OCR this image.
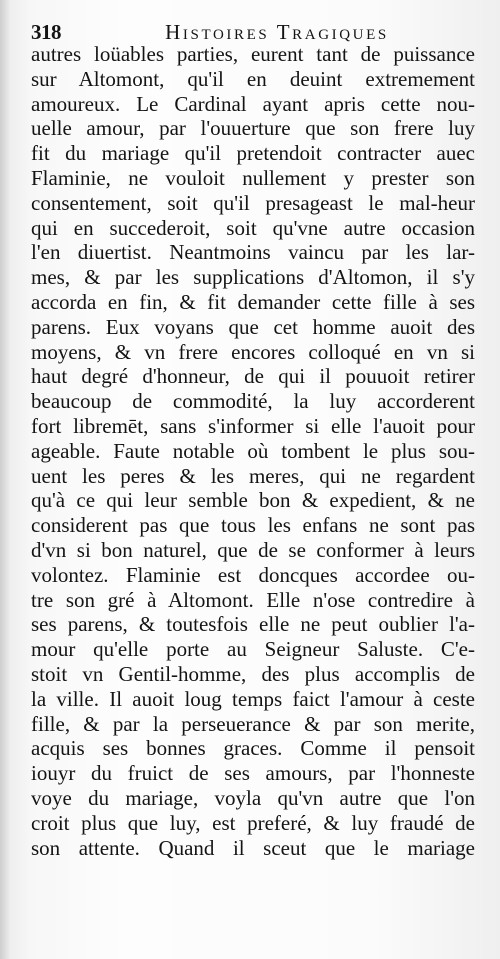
318	Histoires Tragiques
autres loüables parties, eurent tant de puissance
sur Altomont, qu'il en deuint extremement
amoureux. Le Cardinal ayant apris cette nou-
uelle amour, par l'ouuerture que son frere luy
fit du mariage qu'il pretendoit contracter auec
Flaminie, ne vouloit nullement y prester son
consentement, soit qu'il presageast le mal-heur
qui en succederoit, soit qu'vne autre occasion
l'en diuertist. Neantmoins vaincu par les lar-
mes, & par les supplications d'Altomon, il s'y
accorda en fin, & fit demander cette fille à ses
parens. Eux voyans que cet homme auoit des
moyens, & vn frere encores colloqué en vn si
haut degré d'honneur, de qui il pouuoit retirer
beaucoup de commodité, la luy accorderent
fort libremēt, sans s'informer si elle l'auoit pour
ageable. Faute notable où tombent le plus sou-
uent les peres & les meres, qui ne regardent
qu'à ce qui leur semble bon & expedient, & ne
considerent pas que tous les enfans ne sont pas
d'vn si bon naturel, que de se conformer à leurs
volontez. Flaminie est doncques accordee ou-
tre son gré à Altomont. Elle n'ose contredire à
ses parens, & toutesfois elle ne peut oublier l'a-
mour qu'elle porte au Seigneur Saluste. C'e-
stoit vn Gentil-homme, des plus accomplis de
la ville. Il auoit loug temps faict l'amour à ceste
fille, & par la perseuerance & par son merite,
acquis ses bonnes graces. Comme il pensoit
iouyr du fruict de ses amours, par l'honneste
voye du mariage, voyla qu'vn autre que l'on
croit plus que luy, est preferé, & luy fraudé de
son attente. Quand il sceut que le mariage
